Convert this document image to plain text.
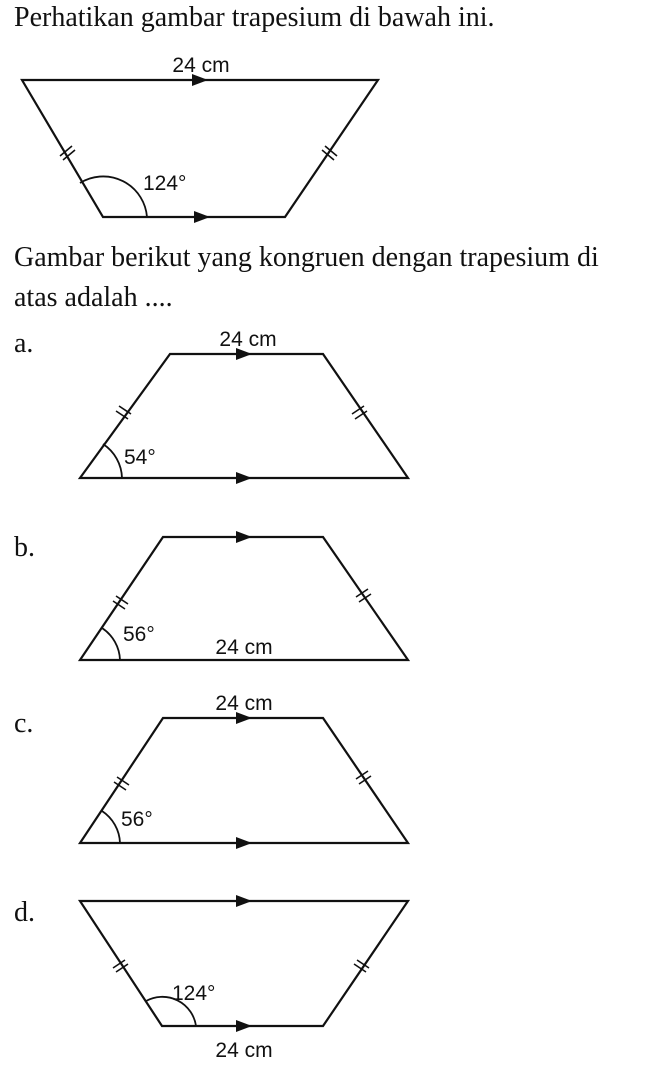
Perhatikan gambar trapesium di bawah ini.
24 cm
124°
24 cm
54°
56°
24 cm
24 cm
56°
124°
24 cm
Gambar berikut yang kongruen dengan trapesium di atas adalah ....
a.
b.
c.
d.
